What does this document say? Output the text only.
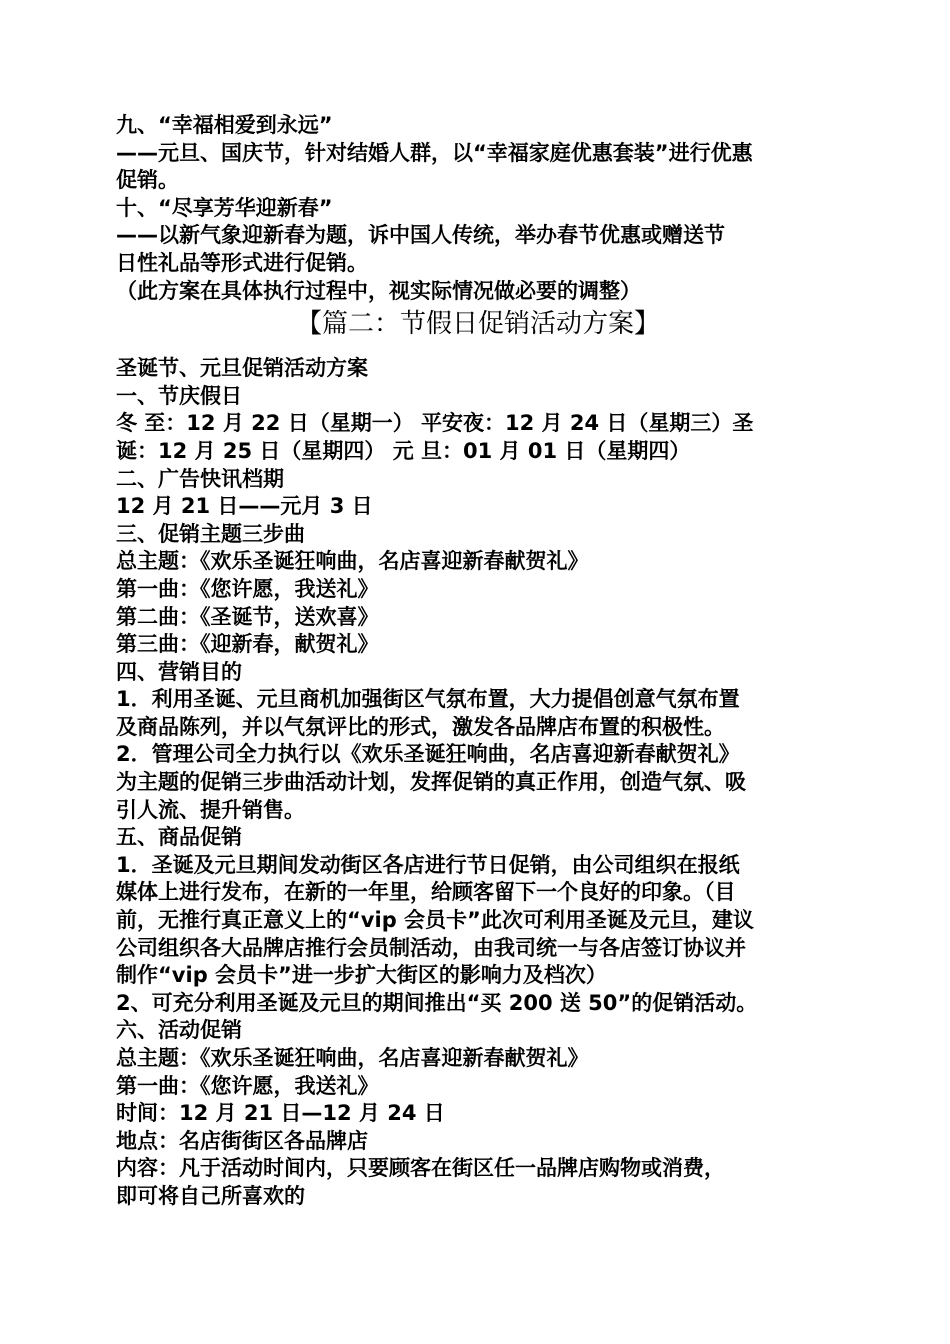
九、“幸福相爱到永远”
——元旦、国庆节，针对结婚人群，以“幸福家庭优惠套装”进行优惠
促销。
十、“尽享芳华迎新春”
——以新气象迎新春为题，诉中国人传统，举办春节优惠或赠送节
日性礼品等形式进行促销。
（此方案在具体执行过程中，视实际情况做必要的调整）
【篇二：节假日促销活动方案】
圣诞节、元旦促销活动方案
一、节庆假日
冬 至：12 月 22 日（星期一） 平安夜：12 月 24 日（星期三）圣
诞：12 月 25 日（星期四） 元 旦：01 月 01 日（星期四）
二、广告快讯档期
12 月 21 日——元月 3 日
三、促销主题三步曲
总主题：《欢乐圣诞狂响曲，名店喜迎新春献贺礼》
第一曲：《您许愿，我送礼》
第二曲：《圣诞节，送欢喜》
第三曲：《迎新春，献贺礼》
四、营销目的
1．利用圣诞、元旦商机加强街区气氛布置，大力提倡创意气氛布置
及商品陈列，并以气氛评比的形式，激发各品牌店布置的积极性。
2．管理公司全力执行以《欢乐圣诞狂响曲，名店喜迎新春献贺礼》
为主题的促销三步曲活动计划，发挥促销的真正作用，创造气氛、吸
引人流、提升销售。
五、商品促销
1．圣诞及元旦期间发动街区各店进行节日促销，由公司组织在报纸
媒体上进行发布，在新的一年里，给顾客留下一个良好的印象。（目
前，无推行真正意义上的“vip 会员卡”此次可利用圣诞及元旦，建议
公司组织各大品牌店推行会员制活动，由我司统一与各店签订协议并
制作“vip 会员卡”进一步扩大街区的影响力及档次）
2、可充分利用圣诞及元旦的期间推出“买 200 送 50”的促销活动。
六、活动促销
总主题：《欢乐圣诞狂响曲，名店喜迎新春献贺礼》
第一曲：《您许愿，我送礼》
时间：12 月 21 日—12 月 24 日
地点：名店街街区各品牌店
内容：凡于活动时间内，只要顾客在街区任一品牌店购物或消费，
即可将自己所喜欢的
